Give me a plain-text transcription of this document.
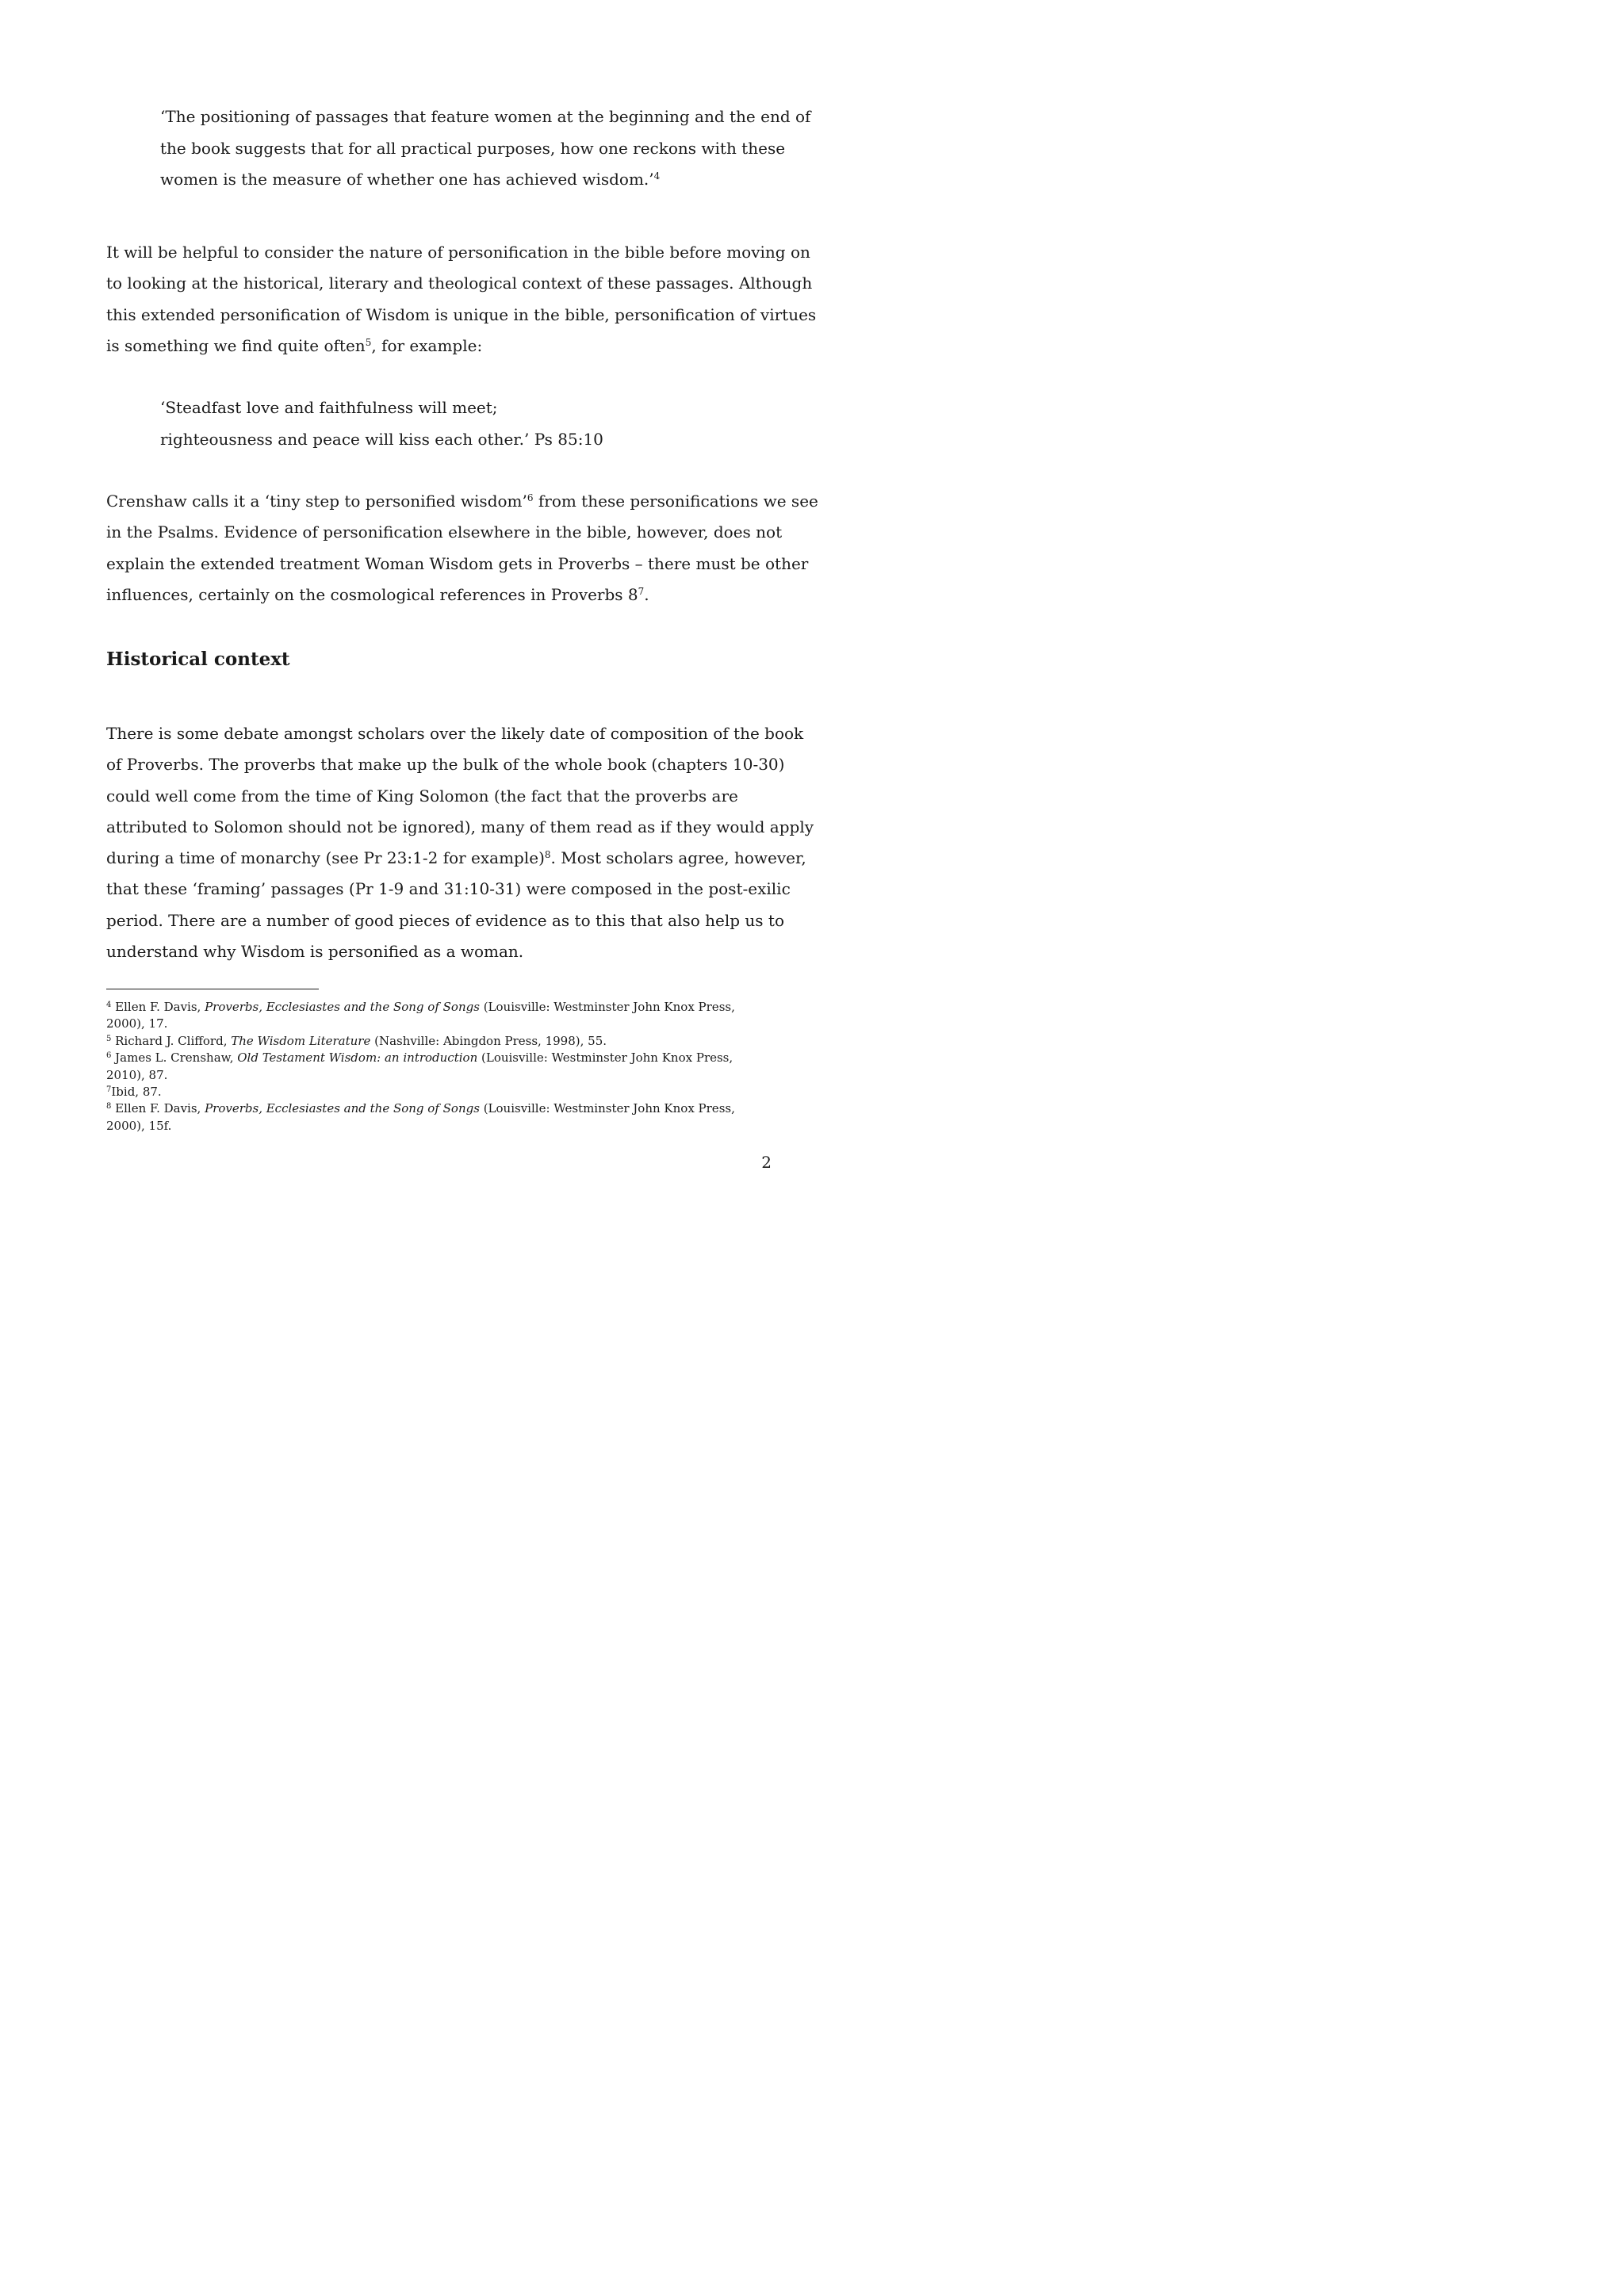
‘The positioning of passages that feature women at the beginning and the end of
the book suggests that for all practical purposes, how one reckons with these
women is the measure of whether one has achieved wisdom.’$^4$
It will be helpful to consider the nature of personification in the bible before moving on
to looking at the historical, literary and theological context of these passages. Although
this extended personification of Wisdom is unique in the bible, personification of virtues
is something we find quite often$^5$, for example:
‘Steadfast love and faithfulness will meet;
righteousness and peace will kiss each other.’ Ps 85:10
Crenshaw calls it a ‘tiny step to personified wisdom’$^6$ from these personifications we see
in the Psalms. Evidence of personification elsewhere in the bible, however, does not
explain the extended treatment Woman Wisdom gets in Proverbs – there must be other
influences, certainly on the cosmological references in Proverbs $8^7$.
Historical context
There is some debate amongst scholars over the likely date of composition of the book
of Proverbs. The proverbs that make up the bulk of the whole book (chapters 10-30)
could well come from the time of King Solomon (the fact that the proverbs are
attributed to Solomon should not be ignored), many of them read as if they would apply
during a time of monarchy (see Pr 23:1-2 for example)$^8$. Most scholars agree, however,
that these ‘framing’ passages (Pr 1-9 and 31:10-31) were composed in the post-exilic
period. There are a number of good pieces of evidence as to this that also help us to
understand why Wisdom is personified as a woman.
$^4$ Ellen F. Davis, Proverbs, Ecclesiastes and the Song of Songs (Louisville: Westminster John Knox Press,
2000), 17.
$^5$ Richard J. Clifford, The Wisdom Literature (Nashville: Abingdon Press, 1998), 55.
$^6$ James L. Crenshaw, Old Testament Wisdom: an introduction (Louisville: Westminster John Knox Press,
2010), 87.
$^7$Ibid, 87.
$^8$ Ellen F. Davis, Proverbs, Ecclesiastes and the Song of Songs (Louisville: Westminster John Knox Press,
2000), 15f.
2
